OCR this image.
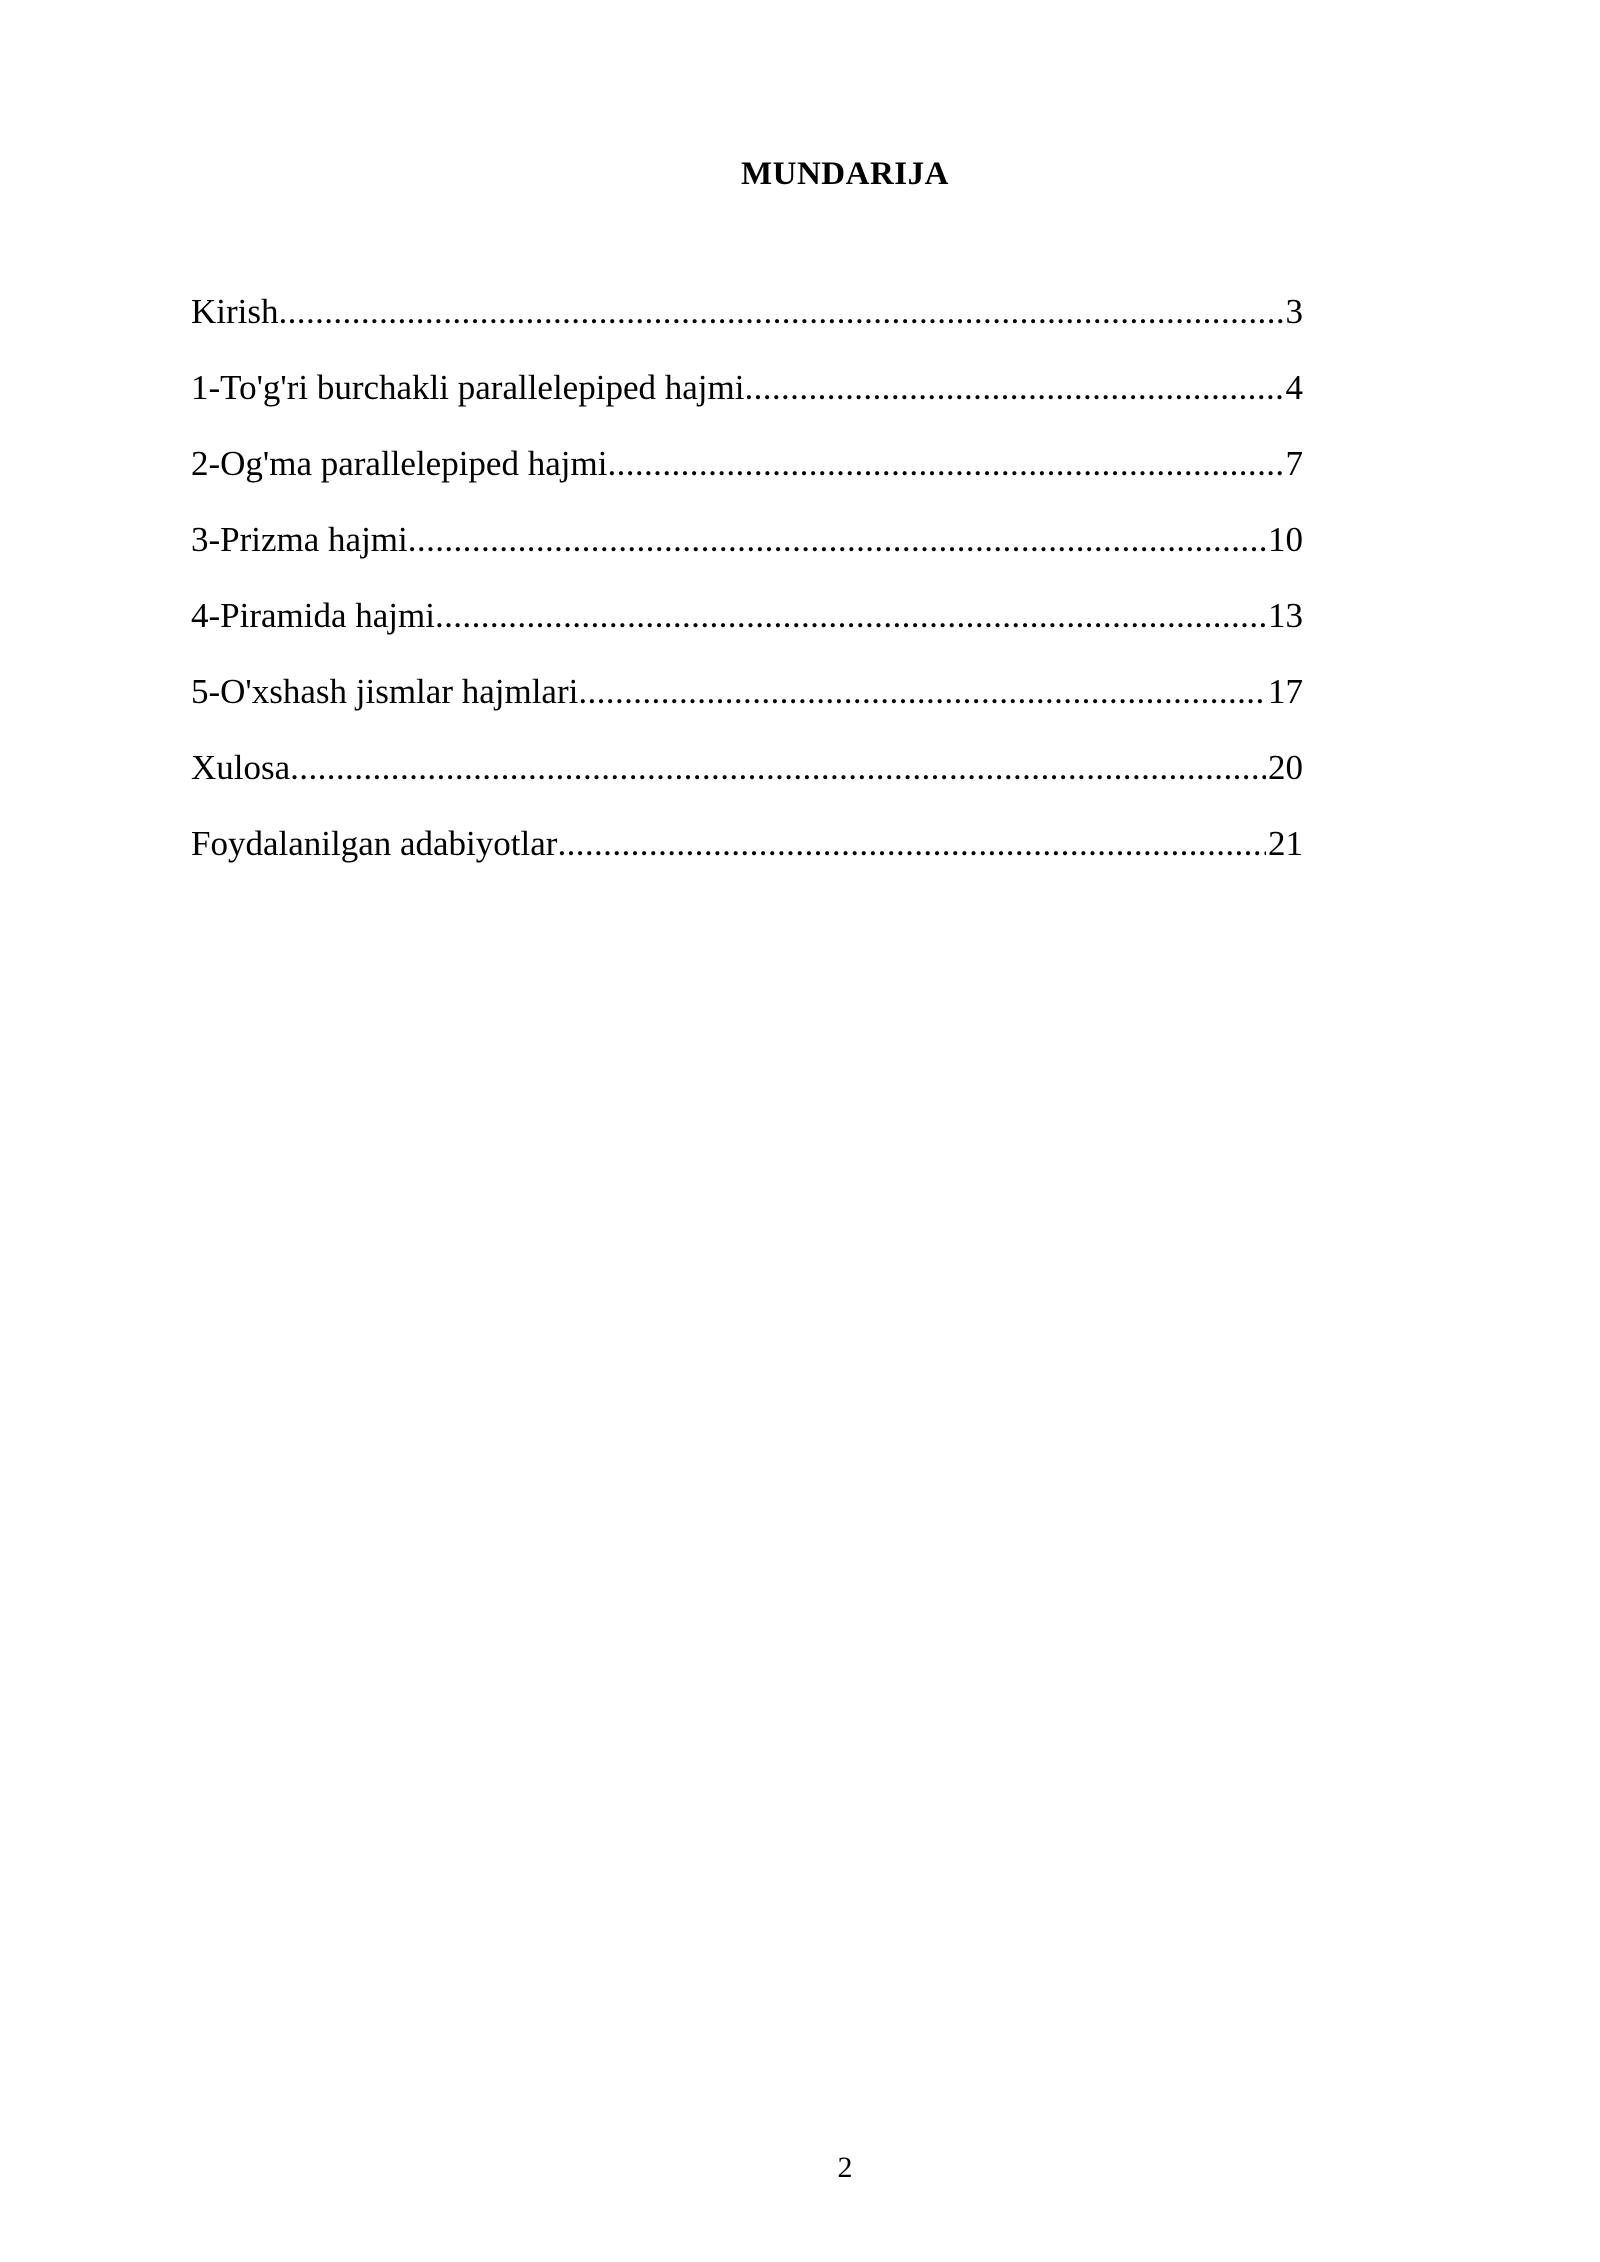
MUNDARIJA
Kirish .....	3
1-To'g'ri burchakli parallelepiped hajmi .....	4
2-Og'ma parallelepiped hajmi .....	7
3-Prizma hajmi .....	10
4-Piramida hajmi .....	13
5-O'xshash jismlar hajmlari .....	17
Xulosa .....	20
Foydalanilgan adabiyotlar .....	21
2
